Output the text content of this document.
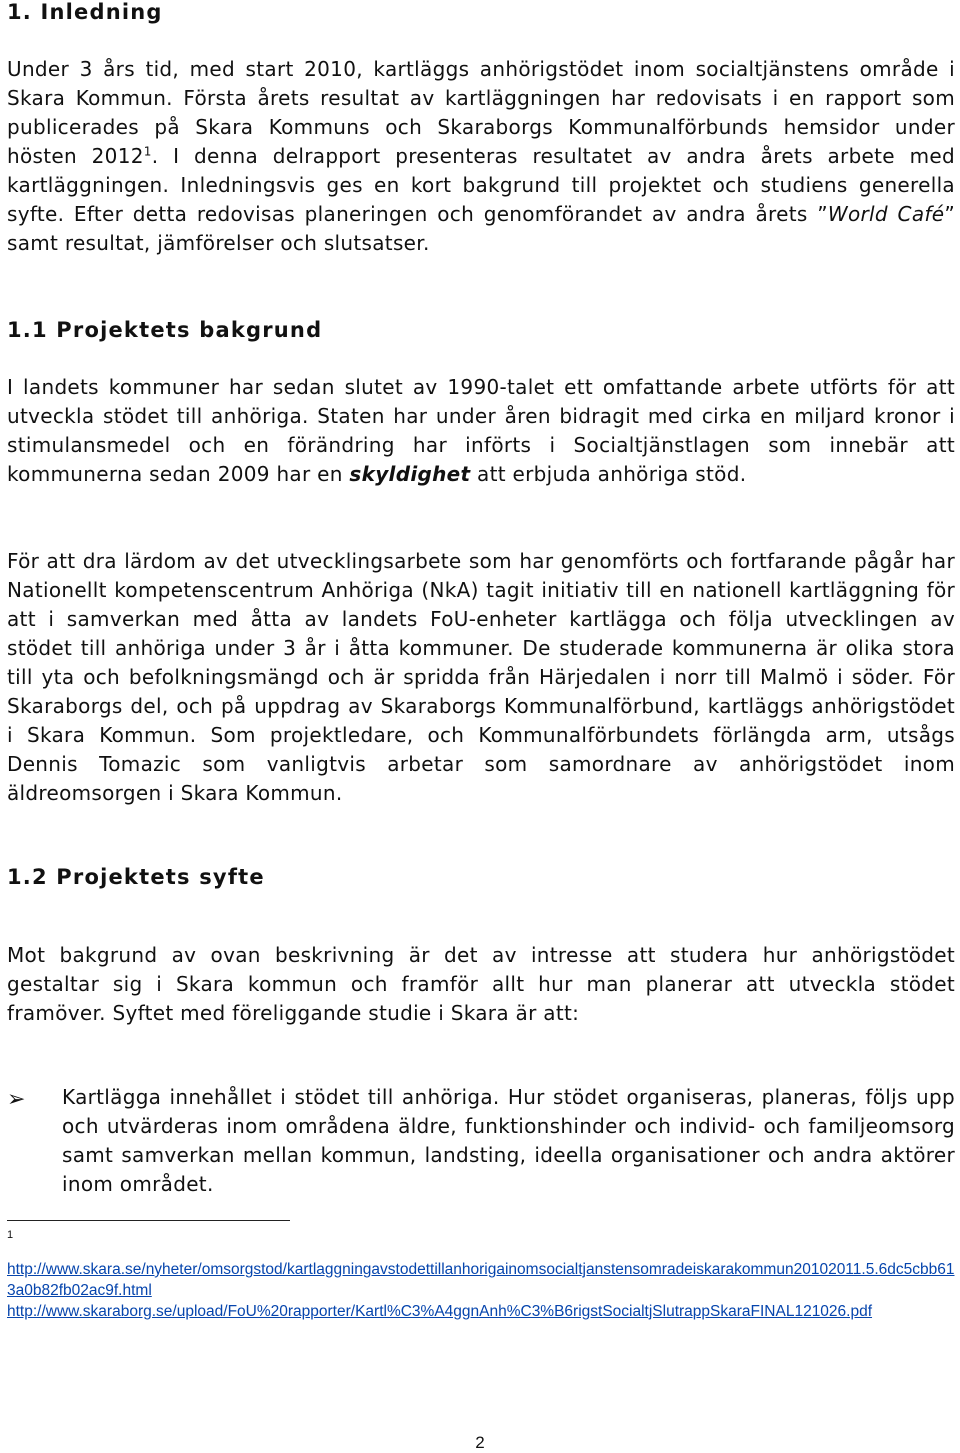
1. Inledning

Under 3 års tid, med start 2010, kartläggs anhörigstödet inom socialtjänstens område i Skara Kommun. Första årets resultat av kartläggningen har redovisats i en rapport som publicerades på Skara Kommuns och Skaraborgs Kommunalförbunds hemsidor under hösten 2012$^1$. I denna delrapport presenteras resultatet av andra årets arbete med kartläggningen. Inledningsvis ges en kort bakgrund till projektet och studiens generella syfte. Efter detta redovisas planeringen och genomförandet av andra årets ”World Café” samt resultat, jämförelser och slutsatser.

1.1 Projektets bakgrund

I landets kommuner har sedan slutet av 1990-talet ett omfattande arbete utförts för att utveckla stödet till anhöriga. Staten har under åren bidragit med cirka en miljard kronor i stimulansmedel och en förändring har införts i Socialtjänstlagen som innebär att kommunerna sedan 2009 har en skyldighet att erbjuda anhöriga stöd.

För att dra lärdom av det utvecklingsarbete som har genomförts och fortfarande pågår har Nationellt kompetenscentrum Anhöriga (NkA) tagit initiativ till en nationell kartläggning för att i samverkan med åtta av landets FoU-enheter kartlägga och följa utvecklingen av stödet till anhöriga under 3 år i åtta kommuner. De studerade kommunerna är olika stora till yta och befolkningsmängd och är spridda från Härjedalen i norr till Malmö i söder. För Skaraborgs del, och på uppdrag av Skaraborgs Kommunalförbund, kartläggs anhörigstödet i Skara Kommun. Som projektledare, och Kommunalförbundets förlängda arm, utsågs Dennis Tomazic som vanligtvis arbetar som samordnare av anhörigstödet inom äldreomsorgen i Skara Kommun.

1.2 Projektets syfte

Mot bakgrund av ovan beskrivning är det av intresse att studera hur anhörigstödet gestaltar sig i Skara kommun och framför allt hur man planerar att utveckla stödet framöver. Syftet med föreliggande studie i Skara är att:

➢ Kartlägga innehållet i stödet till anhöriga. Hur stödet organiseras, planeras, följs upp och utvärderas inom områdena äldre, funktionshinder och individ- och familjeomsorg samt samverkan mellan kommun, landsting, ideella organisationer och andra aktörer inom området.

1
http://www.skara.se/nyheter/omsorgstod/kartlaggningavstodettillanhorigainomsocialtjanstensomradeiskarakommun20102011.5.6dc5cbb613a0b82fb02ac9f.html
http://www.skaraborg.se/upload/FoU%20rapporter/Kartl%C3%A4ggnAnh%C3%B6rigstSocialtjSlutrappSkaraFINAL121026.pdf
2
